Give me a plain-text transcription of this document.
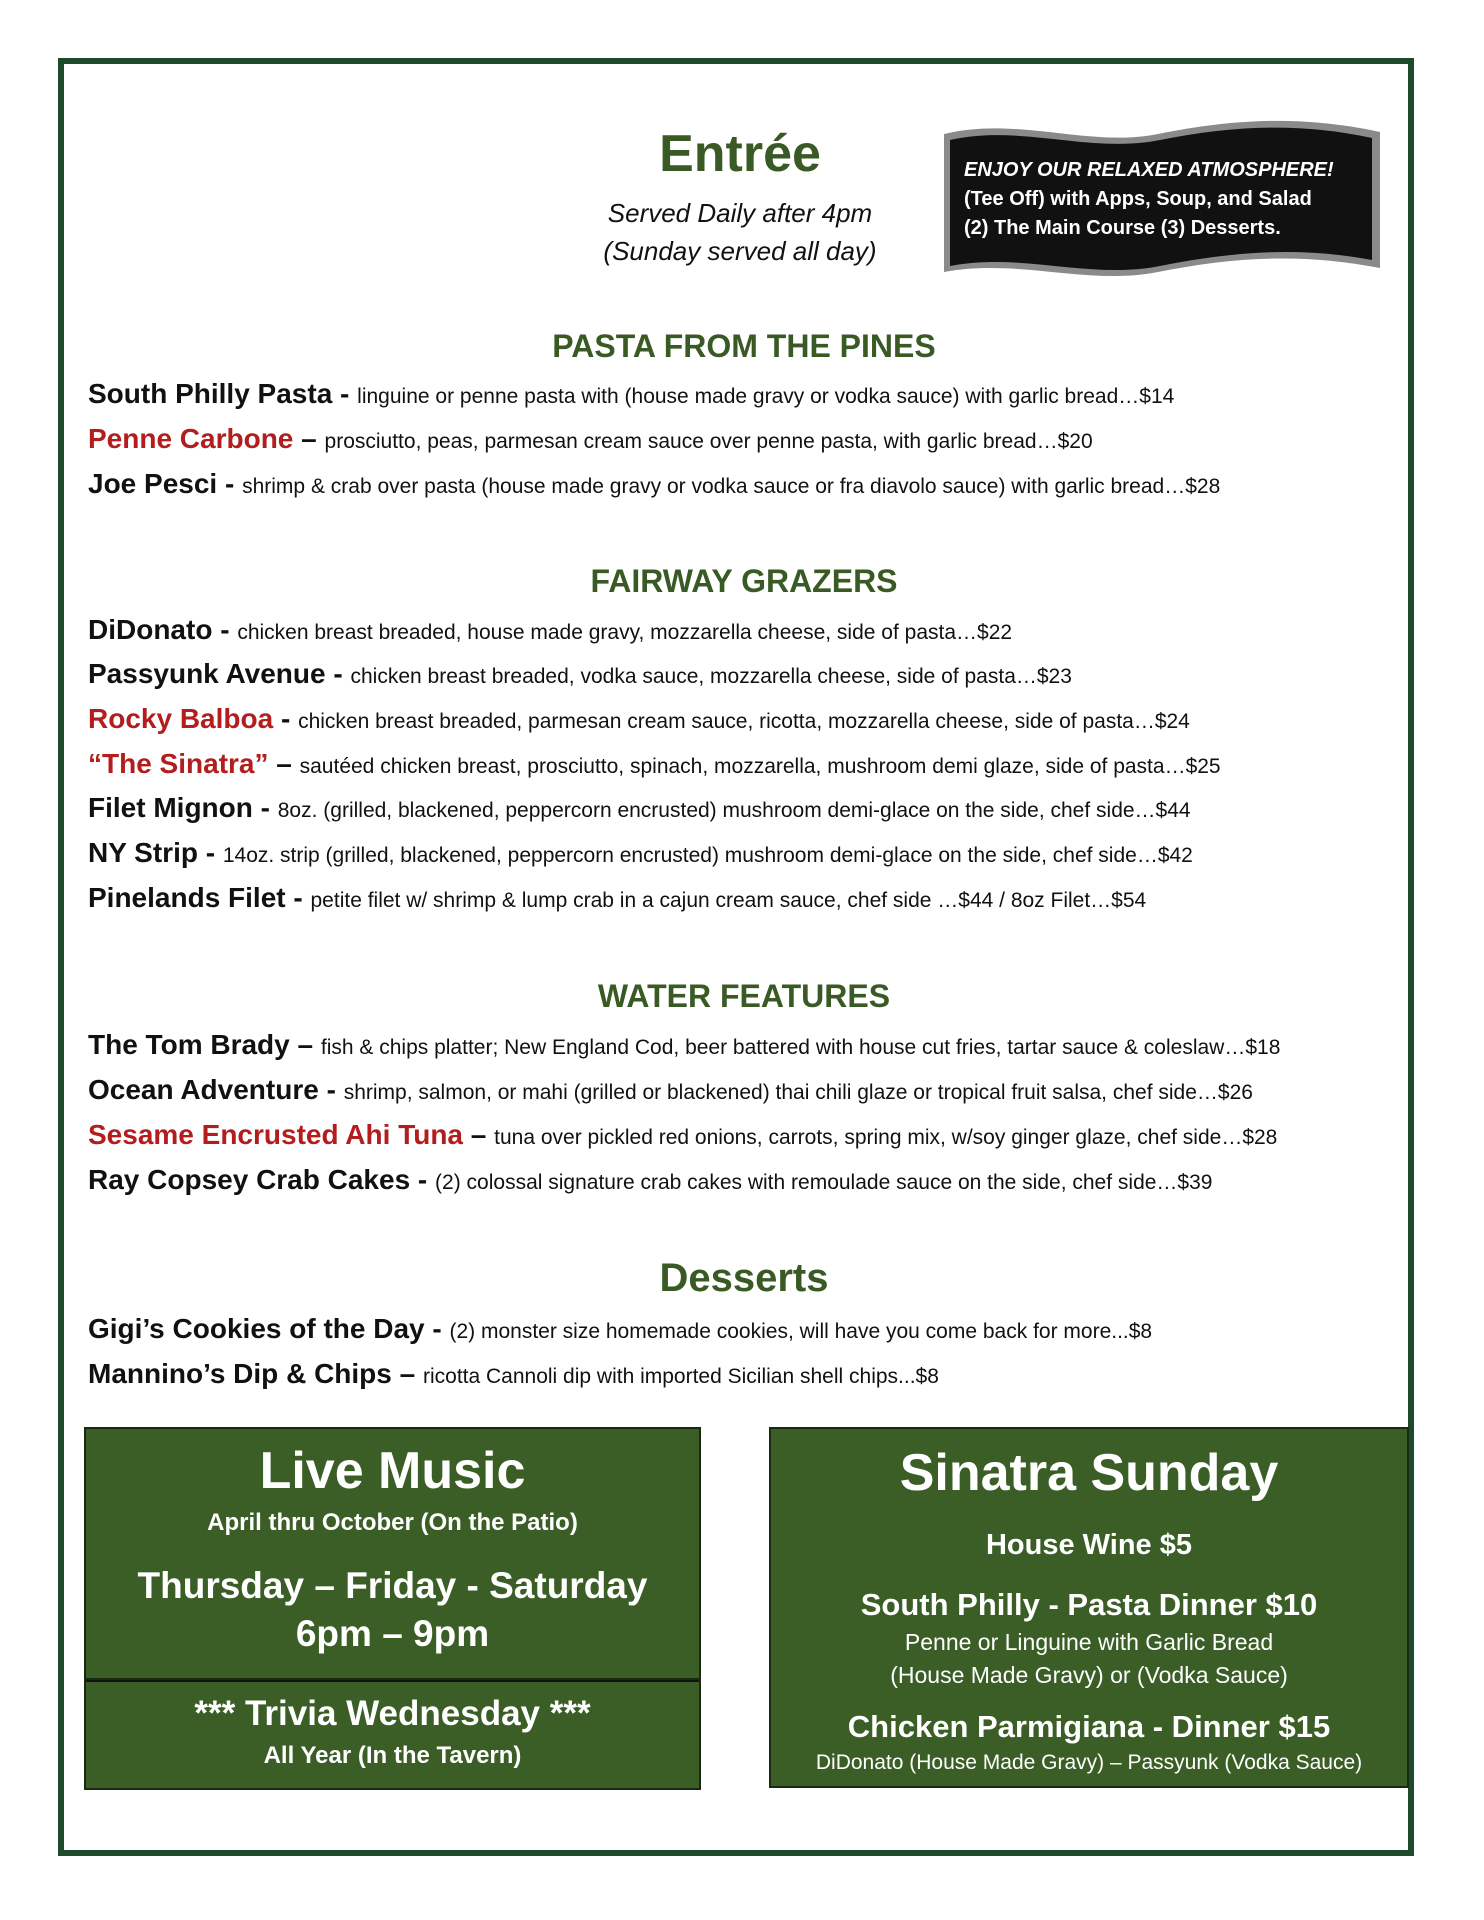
Entrée
Served Daily after 4pm
(Sunday served all day)
ENJOY OUR RELAXED ATMOSPHERE!
(Tee Off) with Apps, Soup, and Salad
(2) The Main Course (3) Desserts.
PASTA FROM THE PINES
South Philly Pasta - linguine or penne pasta with (house made gravy or vodka sauce) with garlic bread…$14
Penne Carbone – prosciutto, peas, parmesan cream sauce over penne pasta, with garlic bread…$20
Joe Pesci - shrimp & crab over pasta (house made gravy or vodka sauce or fra diavolo sauce) with garlic bread…$28
FAIRWAY GRAZERS
DiDonato - chicken breast breaded, house made gravy, mozzarella cheese, side of pasta…$22
Passyunk Avenue - chicken breast breaded, vodka sauce, mozzarella cheese, side of pasta…$23
Rocky Balboa - chicken breast breaded, parmesan cream sauce, ricotta, mozzarella cheese, side of pasta…$24
“The Sinatra” – sautéed chicken breast, prosciutto, spinach, mozzarella, mushroom demi glaze, side of pasta…$25
Filet Mignon - 8oz. (grilled, blackened, peppercorn encrusted) mushroom demi-glace on the side, chef side…$44
NY Strip - 14oz. strip (grilled, blackened, peppercorn encrusted) mushroom demi-glace on the side, chef side…$42
Pinelands Filet - petite filet w/ shrimp & lump crab in a cajun cream sauce, chef side …$44 / 8oz Filet…$54
WATER FEATURES
The Tom Brady – fish & chips platter; New England Cod, beer battered with house cut fries, tartar sauce & coleslaw…$18
Ocean Adventure - shrimp, salmon, or mahi (grilled or blackened) thai chili glaze or tropical fruit salsa, chef side…$26
Sesame Encrusted Ahi Tuna – tuna over pickled red onions, carrots, spring mix, w/soy ginger glaze, chef side…$28
Ray Copsey Crab Cakes - (2) colossal signature crab cakes with remoulade sauce on the side, chef side…$39
Desserts
Gigi’s Cookies of the Day - (2) monster size homemade cookies, will have you come back for more...$8
Mannino’s Dip & Chips – ricotta Cannoli dip with imported Sicilian shell chips...$8
Live Music
April thru October (On the Patio)
Thursday – Friday - Saturday
6pm – 9pm
*** Trivia Wednesday ***
All Year (In the Tavern)
Sinatra Sunday
House Wine $5
South Philly - Pasta Dinner $10
Penne or Linguine with Garlic Bread
(House Made Gravy) or (Vodka Sauce)
Chicken Parmigiana - Dinner $15
DiDonato (House Made Gravy) – Passyunk (Vodka Sauce)
